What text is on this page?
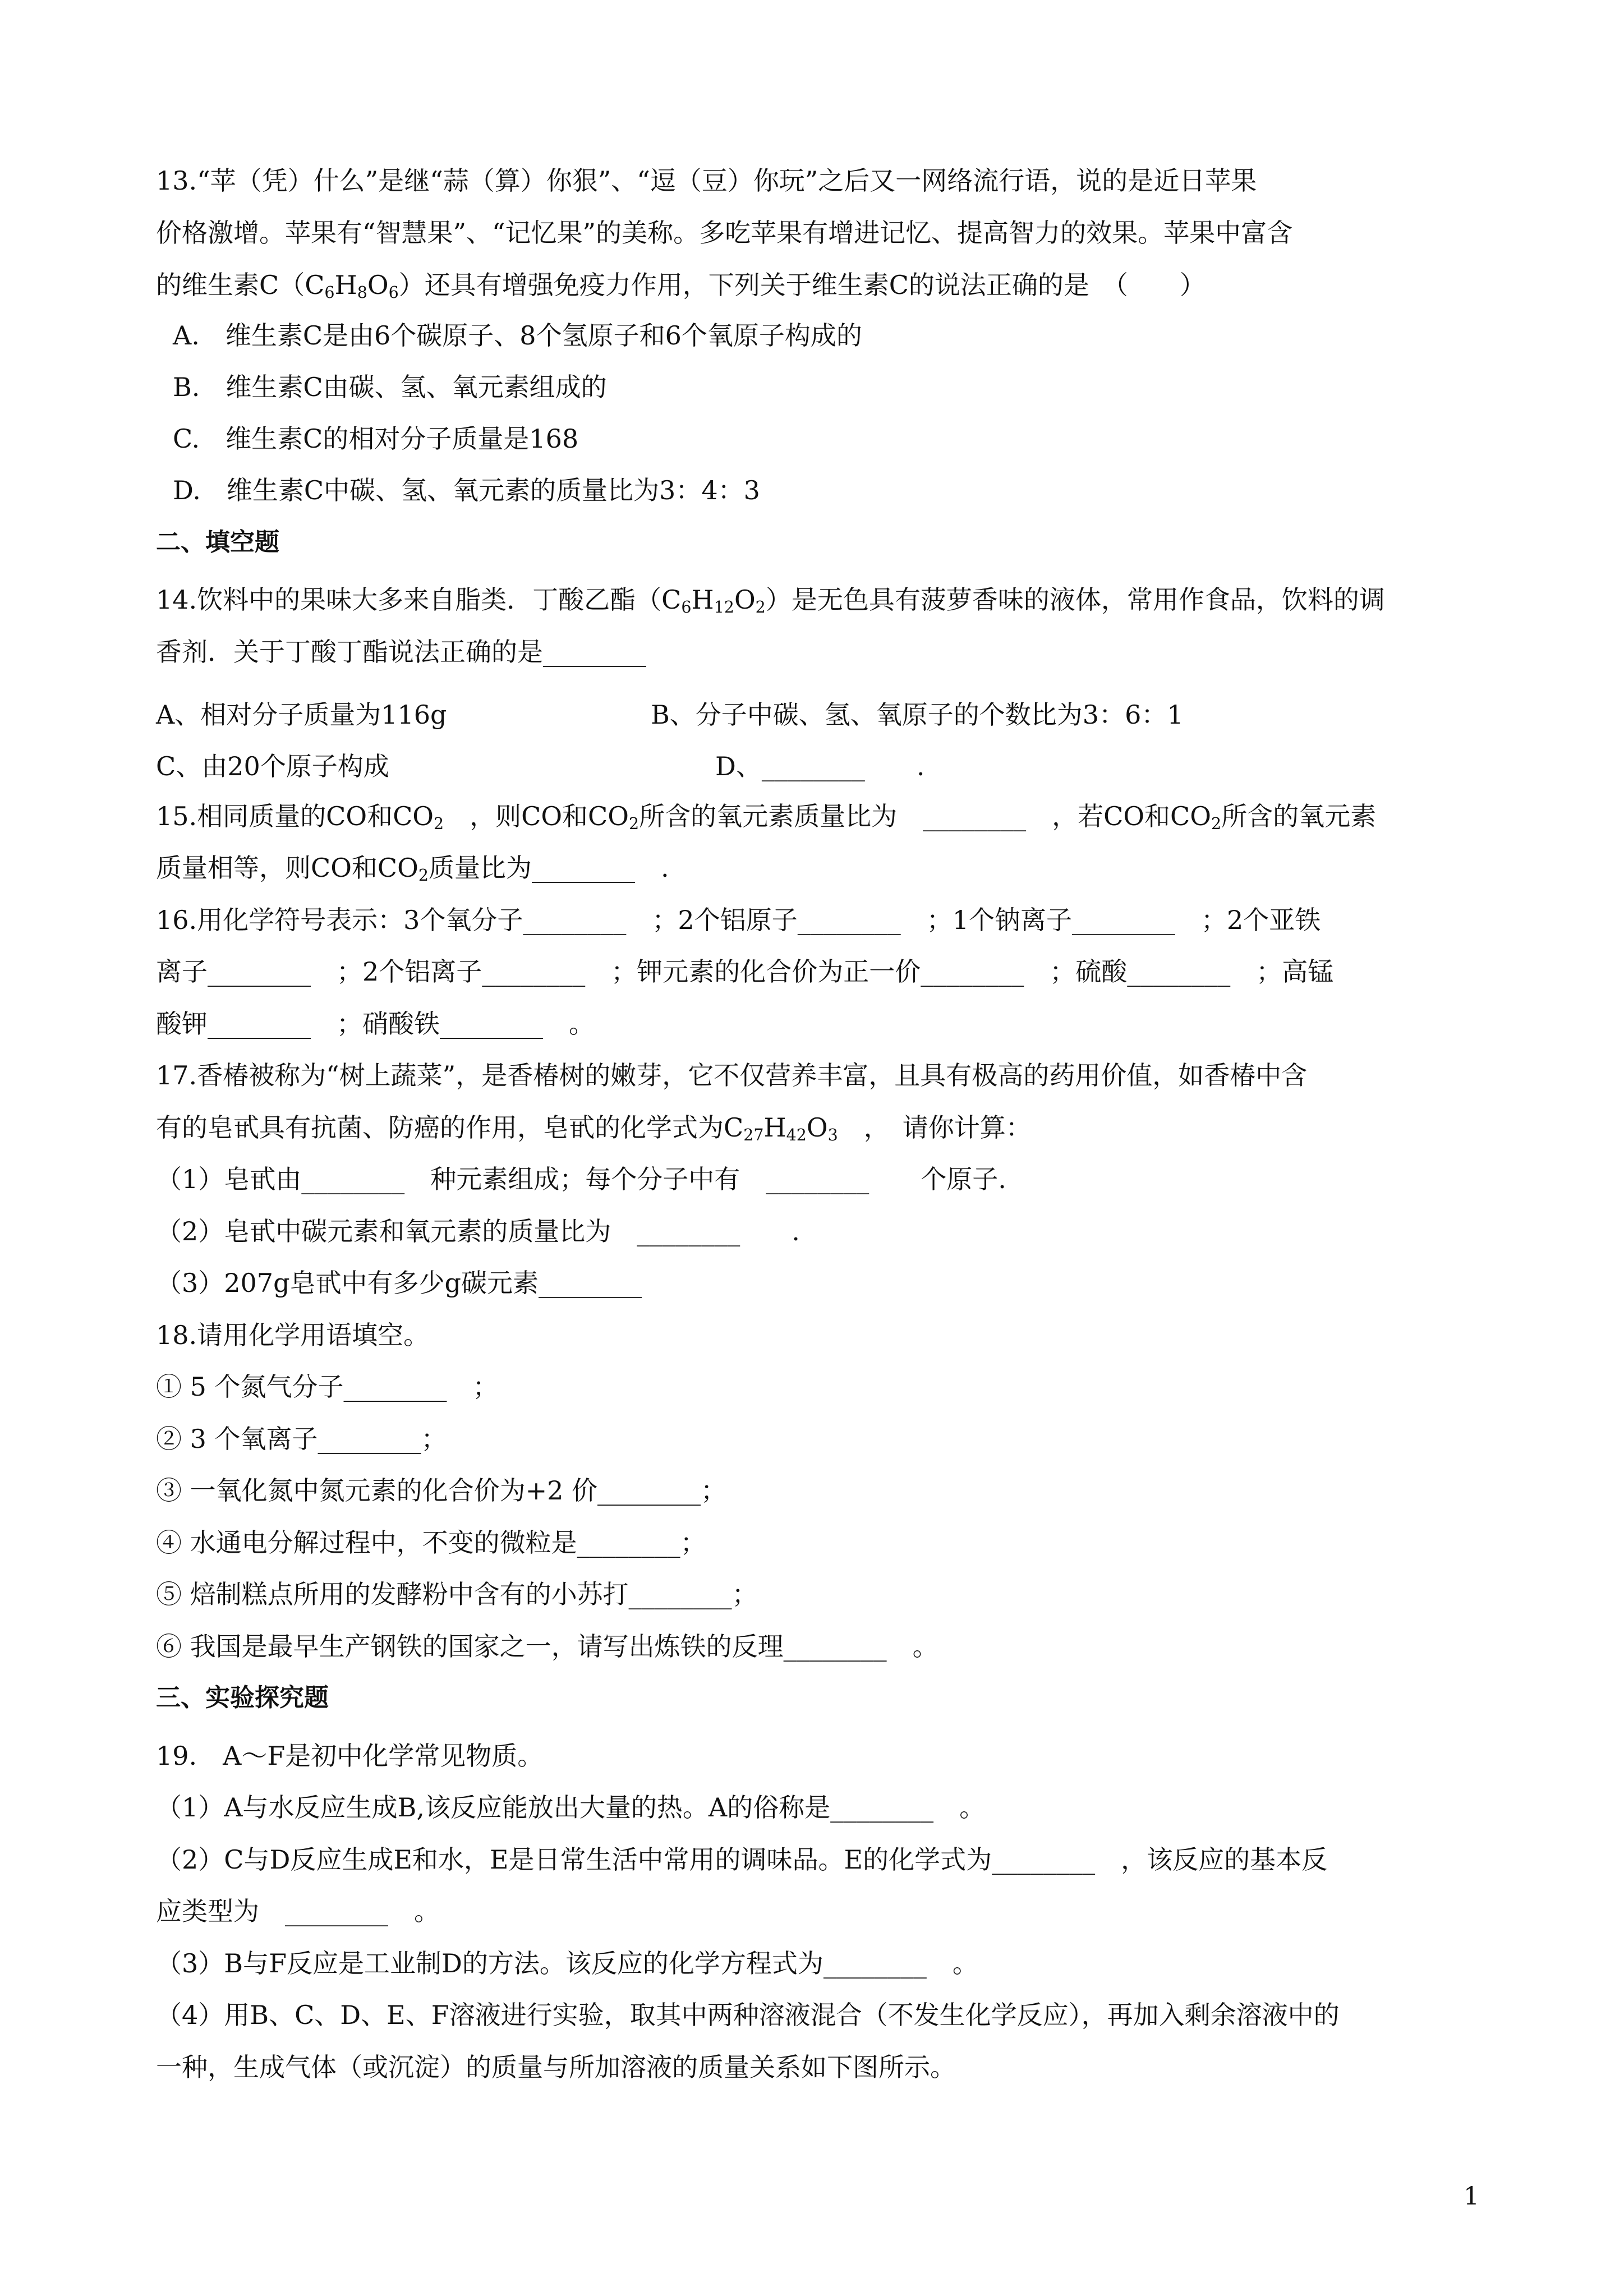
13.“苹（凭）什么”是继“蒜（算）你狠”、“逗（豆）你玩”之后又一网络流行语，说的是近日苹果
价格激增。苹果有“智慧果”、“记忆果”的美称。多吃苹果有增进记忆、提高智力的效果。苹果中富含
的维生素$C(C_6H_8O_6)$还具有增强免疫力作用，下列关于维生素C的说法正确的是　（　　）
A.　维生素C是由6个碳原子、8个氢原子和6个氧原子构成的
B.　维生素C由碳、氢、氧元素组成的
C.　维生素C的相对分子质量是168
D.　维生素C中碳、氢、氧元素的质量比为3：4：3
二、填空题
14.饮料中的果味大多来自脂类．丁酸乙酯$(C_6H_{12}O_2)$是无色具有菠萝香味的液体，常用作食品，饮料的调
香剂．关于丁酸丁酯说法正确的是________
A、相对分子质量为116g	B、分子中碳、氢、氧原子的个数比为3：6：1
C、由20个原子构成	D、________　　.
15.相同质量的CO和$CO_2$　，则CO和$CO_2$所含的氧元素质量比为　________　，若CO和$CO_2$所含的氧元素
质量相等，则CO和$CO_2$质量比为________　.
16.用化学符号表示：3个氧分子________　；2个铝原子________　；1个钠离子________　；2个亚铁
离子________　；2个铝离子________　；钾元素的化合价为正一价________　；硫酸________　；高锰
酸钾________　；硝酸铁________　。
17.香椿被称为“树上蔬菜”，是香椿树的嫩芽，它不仅营养丰富，且具有极高的药用价值，如香椿中含
有的皂甙具有抗菌、防癌的作用，皂甙的化学式为$C_{27}H_{42}O_3$　，　请你计算：
（1）皂甙由________　种元素组成；每个分子中有　________　　个原子.
（2）皂甙中碳元素和氧元素的质量比为　________　　.
（3）207g皂甙中有多少g碳元素________
18.请用化学用语填空。
① 5 个氮气分子________　；
② 3 个氧离子________；
③ 一氧化氮中氮元素的化合价为+2 价________；
④ 水通电分解过程中，不变的微粒是________；
⑤ 焙制糕点所用的发酵粉中含有的小苏打________；
⑥ 我国是最早生产钢铁的国家之一，请写出炼铁的反理________　。
三、实验探究题
19.　A～F是初中化学常见物质。
（1）A与水反应生成B,该反应能放出大量的热。A的俗称是________　。
（2）C与D反应生成E和水，E是日常生活中常用的调味品。E的化学式为________　，该反应的基本反
应类型为　________　。
（3）B与F反应是工业制D的方法。该反应的化学方程式为________　。
（4）用B、C、D、E、F溶液进行实验，取其中两种溶液混合（不发生化学反应），再加入剩余溶液中的
一种，生成气体（或沉淀）的质量与所加溶液的质量关系如下图所示。
1
